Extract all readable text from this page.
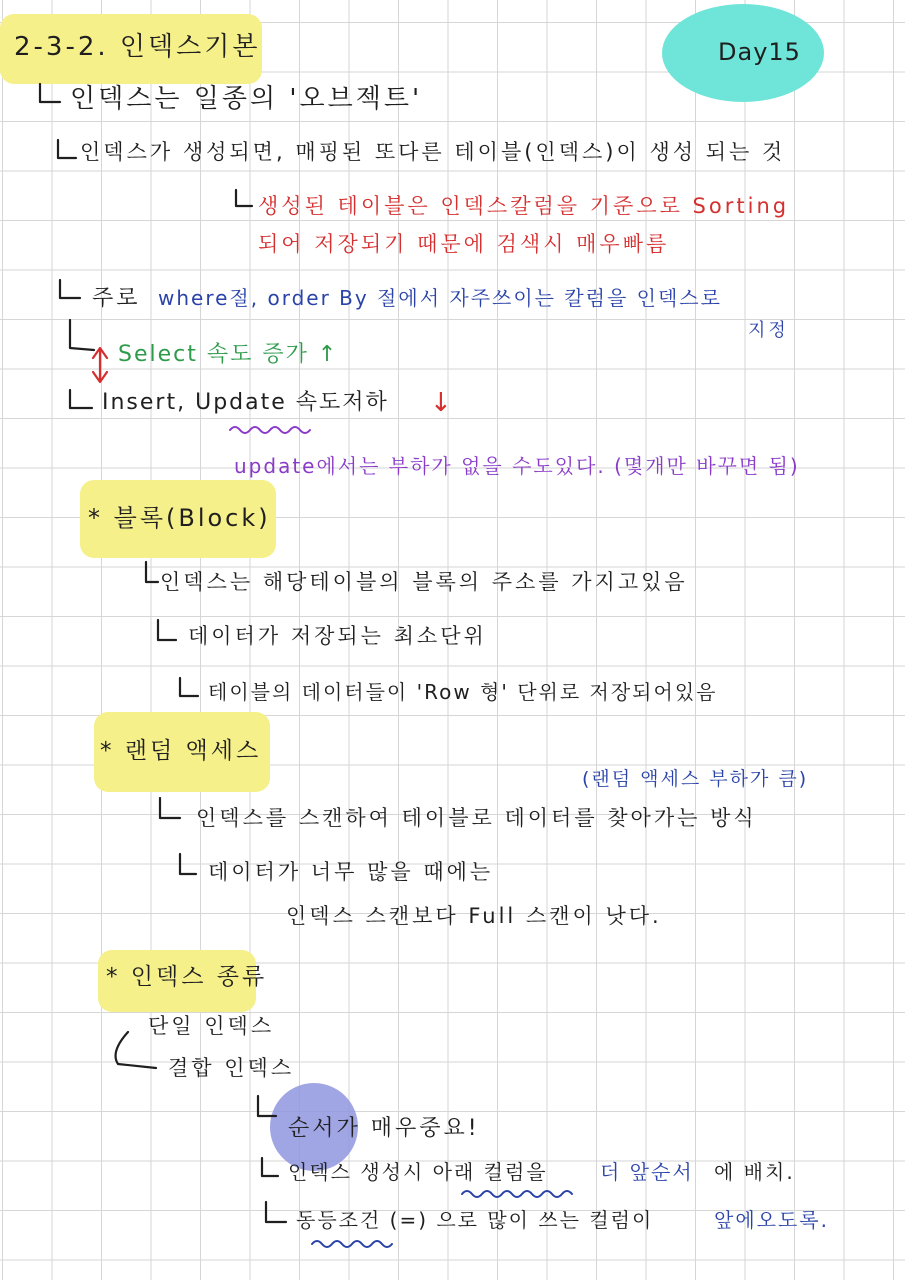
2-3-2. 인덱스기본	Day15
인덱스는 일종의 '오브젝트'
인덱스가 생성되면, 매핑된 또다른 테이블(인덱스)이 생성 되는 것
생성된 테이블은 인덱스칼럼을 기준으로 Sorting
되어 저장되기 때문에 검색시 매우빠름
주로 where절, order By 절에서 자주쓰이는 칼럼을 인덱스로
지정
Select 속도 증가 ↑
Insert, Update 속도저하 ↓
update에서는 부하가 없을 수도있다. (몇개만 바꾸면 됨)
* 블록(Block)
인덱스는 해당테이블의 블록의 주소를 가지고있음
데이터가 저장되는 최소단위
테이블의 데이터들이 'Row 형' 단위로 저장되어있음
* 랜덤 액세스
(랜덤 액세스 부하가 큼)
인덱스를 스캔하여 테이블로 데이터를 찾아가는 방식
데이터가 너무 많을 때에는
인덱스 스캔보다 Full 스캔이 낫다.
* 인덱스 종류
단일 인덱스
결합 인덱스
순서가 매우중요!
인덱스 생성시 아래 컬럼을	더 앞순서 에 배치.
동등조건 (=) 으로 많이 쓰는 컬럼이	앞에오도록.
